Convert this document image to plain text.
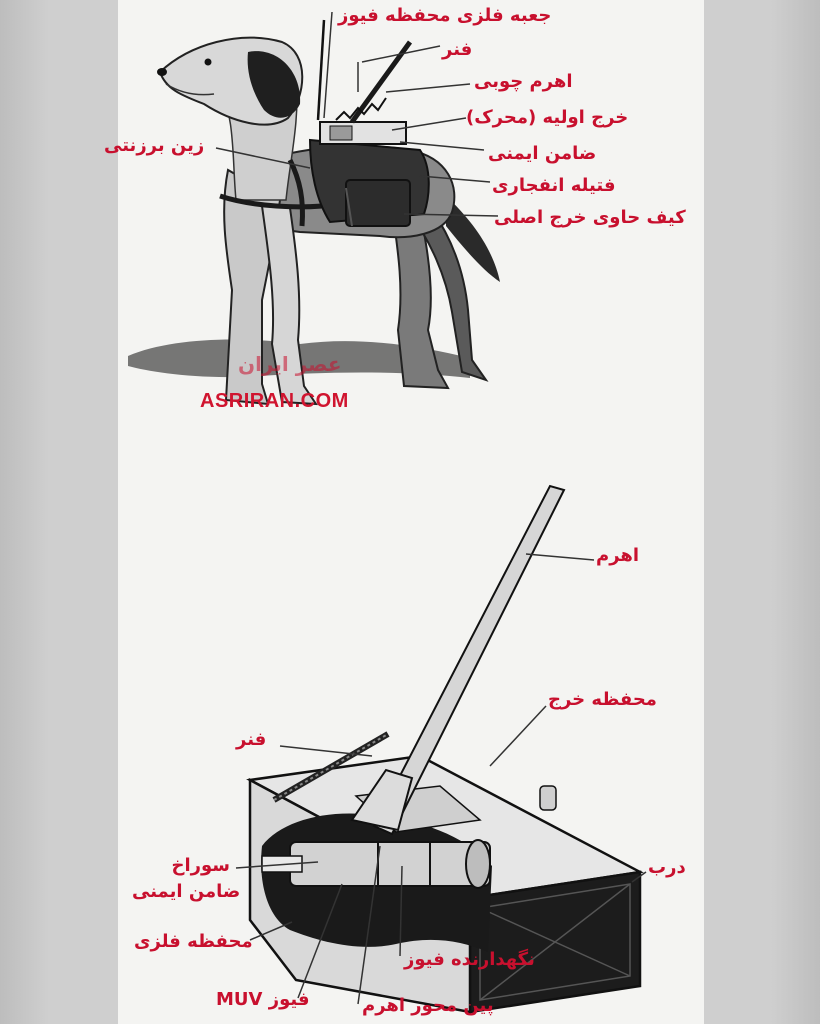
جعبه فلزی محفظه فیوز
فنر
اهرم چوبی
خرج اولیه (محرک)
ضامن ایمنی
فتیله انفجاری
زین برزنتی
کیف حاوی خرج اصلی
عصر ایران
ASRIRAN.COM
اهرم
محفظه خرج
فنر
درب
سوراخ
ضامن ایمنی
محفظه فلزی
نگهدارنده فیوز
فیوز MUV	پین محور اهرم
